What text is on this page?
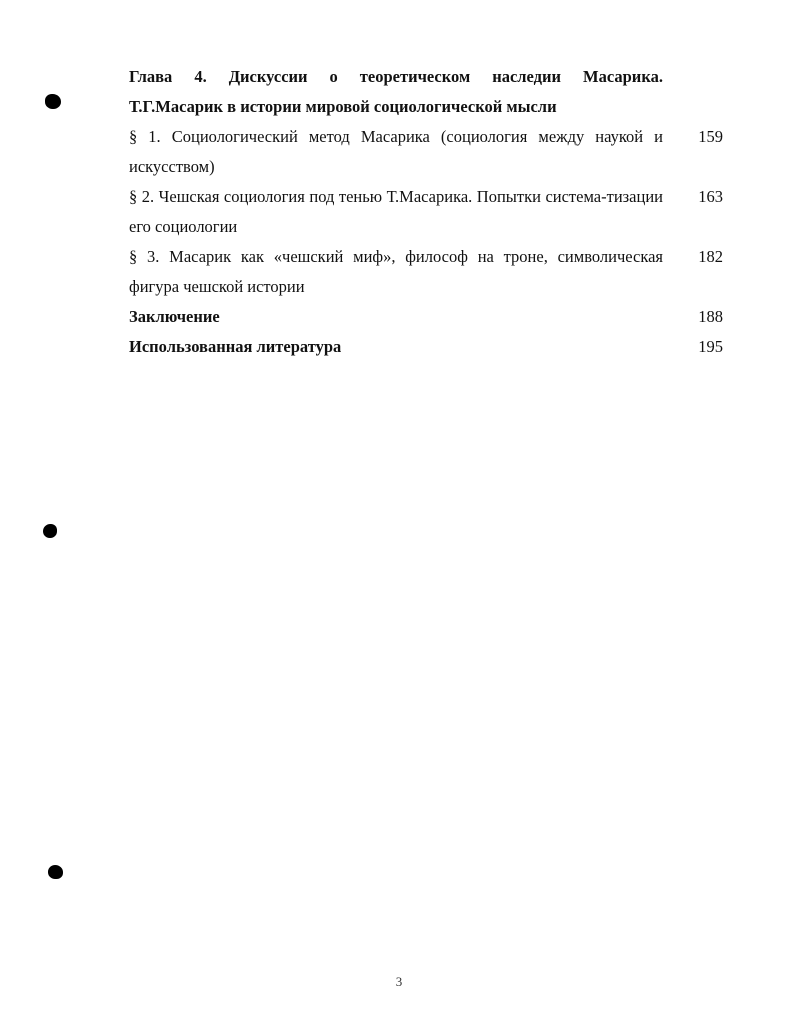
Глава 4. Дискуссии о теоретическом наследии Масарика.
Т.Г.Масарик в истории мировой социологической мысли
§ 1. Социологический метод Масарика (социология между наукой и искусством)
159
§ 2. Чешская социология под тенью Т.Масарика. Попытки система-тизации его социологии
163
§ 3. Масарик как «чешский миф», философ на троне, символическая фигура чешской истории
182
Заключение	188
Использованная литература	195
3
